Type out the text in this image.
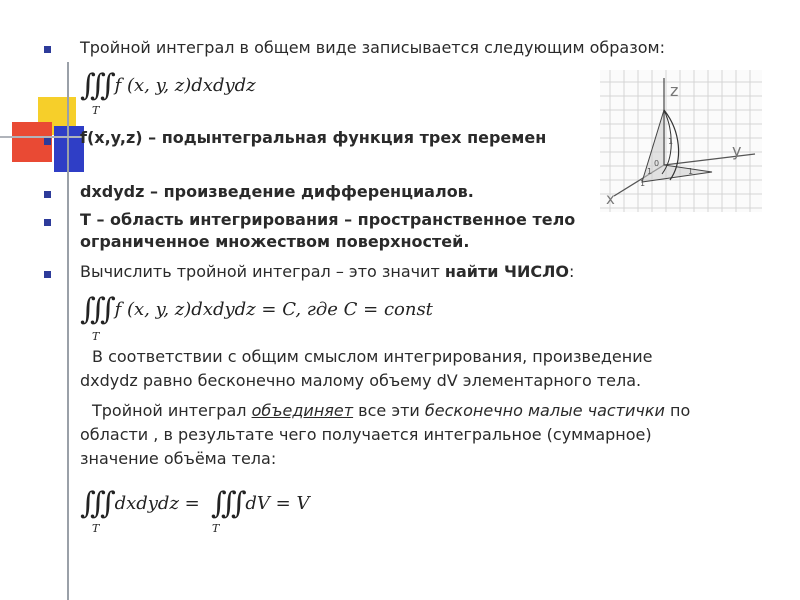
Тройной интеграл в общем виде записывается следующим образом:
∭ f (x, y, z)dxdydz
T
f(x,y,z) – подынтегральная функция трех перемен
dxdydz – произведение дифференциалов.
T – область интегрирования – пространственное тело
ограниченное множеством поверхностей.
Вычислить тройной интеграл – это значит найти ЧИСЛО:
∭ f (x, y, z)dxdydz = C, где C = const
T
В соответствии с общим смыслом интегрирования, произведение
dxdydz равно бесконечно малому объему dV элементарного тела.
Тройной интеграл объединяет все эти бесконечно малые частички по
области , в результате чего получается интегральное (суммарное)
значение объёма тела:
∭ dxdydz = ∭ dV = V
T	T
z
y
x
1
0
1
1
1
